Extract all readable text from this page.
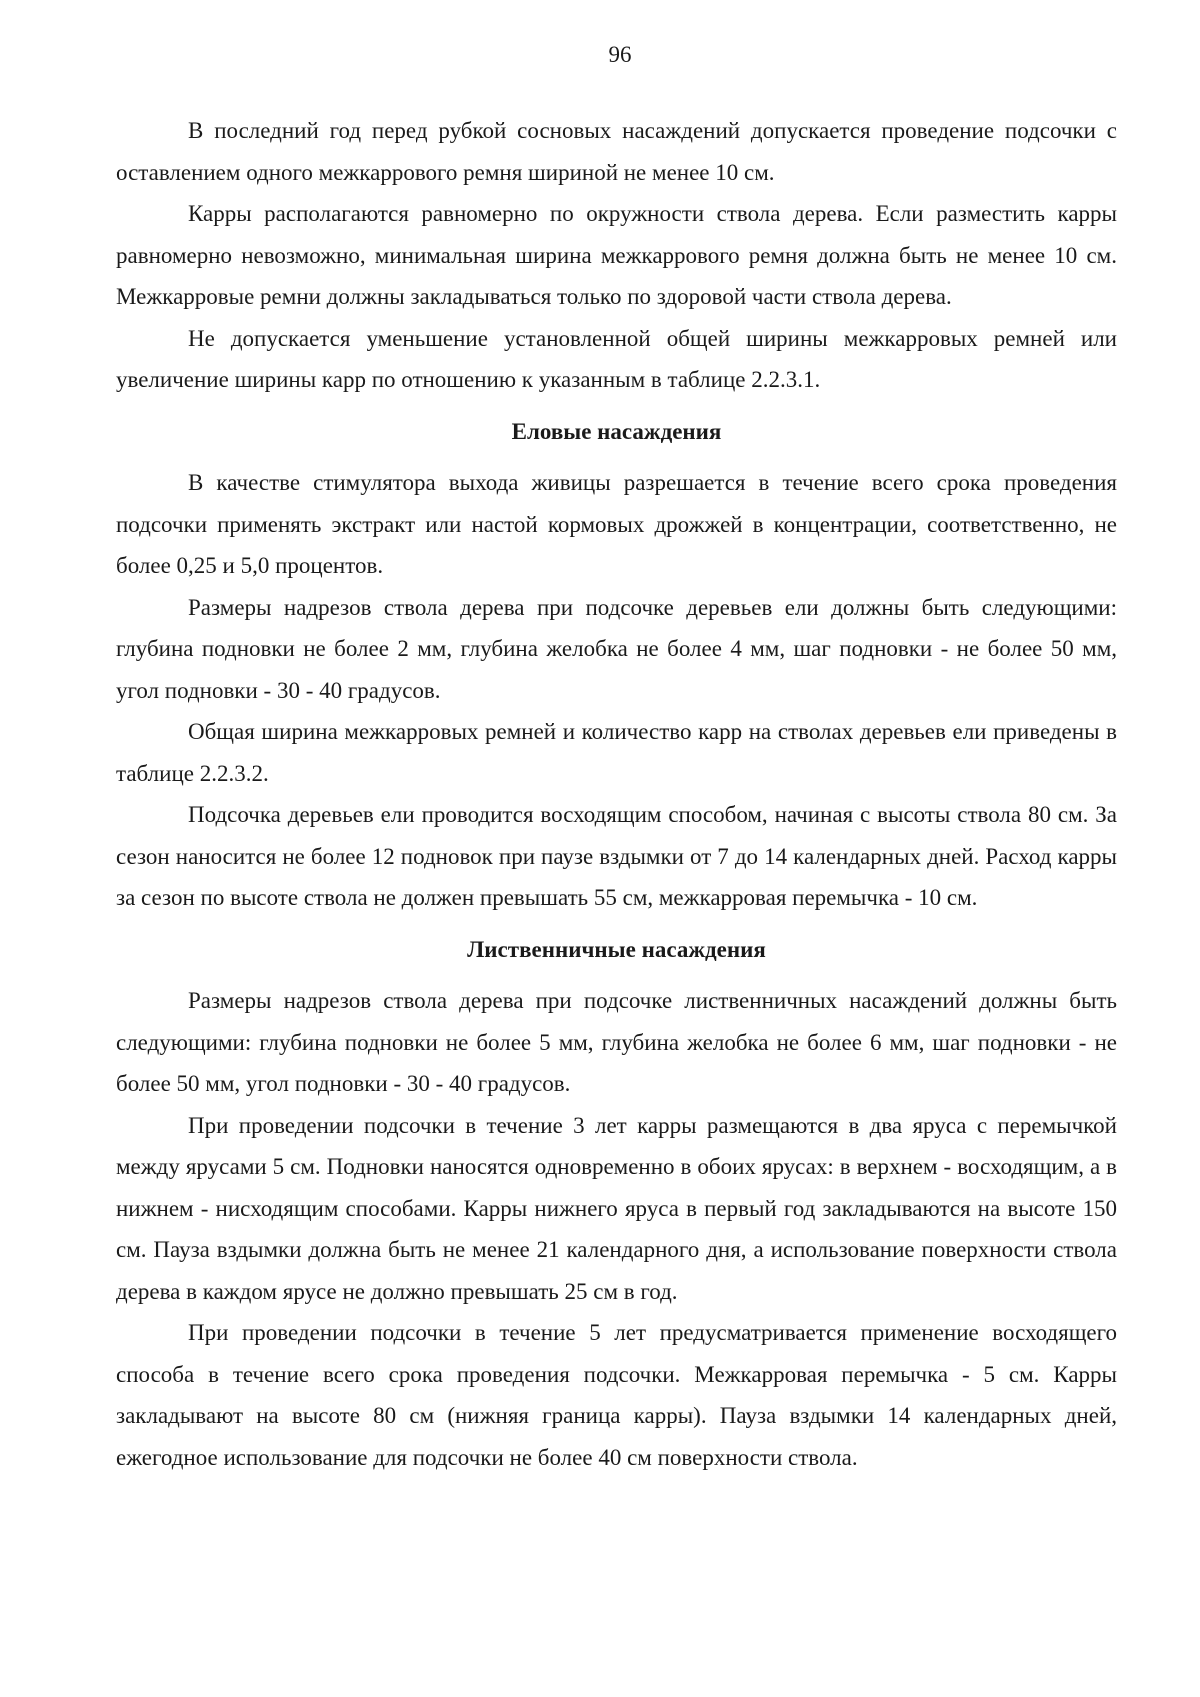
96

В последний год перед рубкой сосновых насаждений допускается проведение подсочки с оставлением одного межкаррового ремня шириной не менее 10 см.

Карры располагаются равномерно по окружности ствола дерева. Если разместить карры равномерно невозможно, минимальная ширина межкаррового ремня должна быть не менее 10 см. Межкарровые ремни должны закладываться только по здоровой части ствола дерева.

Не допускается уменьшение установленной общей ширины межкарровых ремней или увеличение ширины карр по отношению к указанным в таблице 2.2.3.1.

Еловые насаждения

В качестве стимулятора выхода живицы разрешается в течение всего срока проведения подсочки применять экстракт или настой кормовых дрожжей в концентрации, соответственно, не более 0,25 и 5,0 процентов.

Размеры надрезов ствола дерева при подсочке деревьев ели должны быть следующими: глубина подновки не более 2 мм, глубина желобка не более 4 мм, шаг подновки - не более 50 мм, угол подновки - 30 - 40 градусов.

Общая ширина межкарровых ремней и количество карр на стволах деревьев ели приведены в таблице 2.2.3.2.

Подсочка деревьев ели проводится восходящим способом, начиная с высоты ствола 80 см. За сезон наносится не более 12 подновок при паузе вздымки от 7 до 14 календарных дней. Расход карры за сезон по высоте ствола не должен превышать 55 см, межкарровая перемычка - 10 см.

Лиственничные насаждения

Размеры надрезов ствола дерева при подсочке лиственничных насаждений должны быть следующими: глубина подновки не более 5 мм, глубина желобка не более 6 мм, шаг подновки - не более 50 мм, угол подновки - 30 - 40 градусов.

При проведении подсочки в течение 3 лет карры размещаются в два яруса с перемычкой между ярусами 5 см. Подновки наносятся одновременно в обоих ярусах: в верхнем - восходящим, а в нижнем - нисходящим способами. Карры нижнего яруса в первый год закладываются на высоте 150 см. Пауза вздымки должна быть не менее 21 календарного дня, а использование поверхности ствола дерева в каждом ярусе не должно превышать 25 см в год.

При проведении подсочки в течение 5 лет предусматривается применение восходящего способа в течение всего срока проведения подсочки. Межкарровая перемычка - 5 см. Карры закладывают на высоте 80 см (нижняя граница карры). Пауза вздымки 14 календарных дней, ежегодное использование для подсочки не более 40 см поверхности ствола.
